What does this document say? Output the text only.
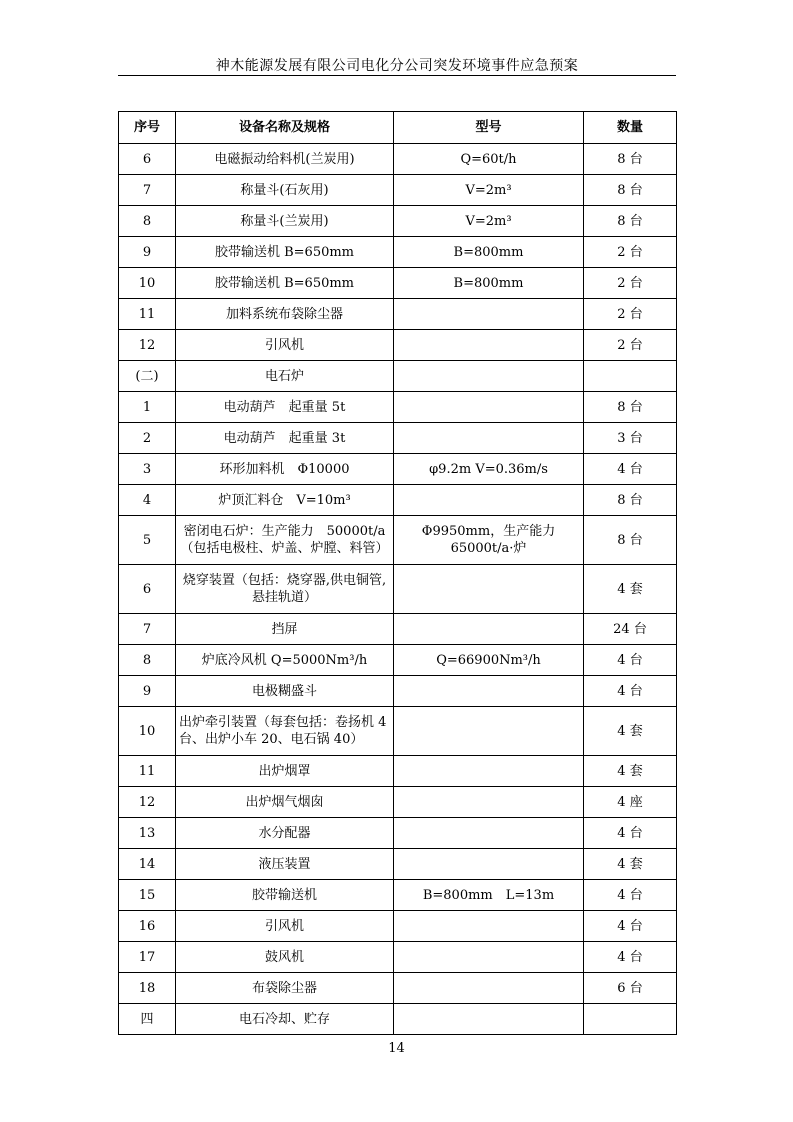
神木能源发展有限公司电化分公司突发环境事件应急预案
序号	设备名称及规格	型号	数量
6	电磁振动给料机(兰炭用)	Q=60t/h	8 台
7	称量斗(石灰用)	V=2m³	8 台
8	称量斗(兰炭用)	V=2m³	8 台
9	胶带输送机 B=650mm	B=800mm	2 台
10	胶带输送机 B=650mm	B=800mm	2 台
11	加料系统布袋除尘器		2 台
12	引风机		2 台
(二)	电石炉		
1	电动葫芦　起重量 5t		8 台
2	电动葫芦　起重量 3t		3 台
3	环形加料机　Φ10000	φ9.2m V=0.36m/s	4 台
4	炉顶汇料仓　V=10m³		8 台
5	密闭电石炉：生产能力　50000t/a（包括电极柱、炉盖、炉膛、料管）	Φ9950mm，生产能力 65000t/a·炉	8 台
6	烧穿装置（包括：烧穿器,供电铜管,悬挂轨道）		4 套
7	挡屏		24 台
8	炉底冷风机 Q=5000Nm³/h	Q=66900Nm³/h	4 台
9	电极糊盛斗		4 台
10	出炉牵引装置（每套包括：卷扬机 4 台、出炉小车 20、电石锅 40）		4 套
11	出炉烟罩		4 套
12	出炉烟气烟囱		4 座
13	水分配器		4 台
14	液压装置		4 套
15	胶带输送机	B=800mm　L=13m	4 台
16	引风机		4 台
17	鼓风机		4 台
18	布袋除尘器		6 台
四	电石冷却、贮存		
14
